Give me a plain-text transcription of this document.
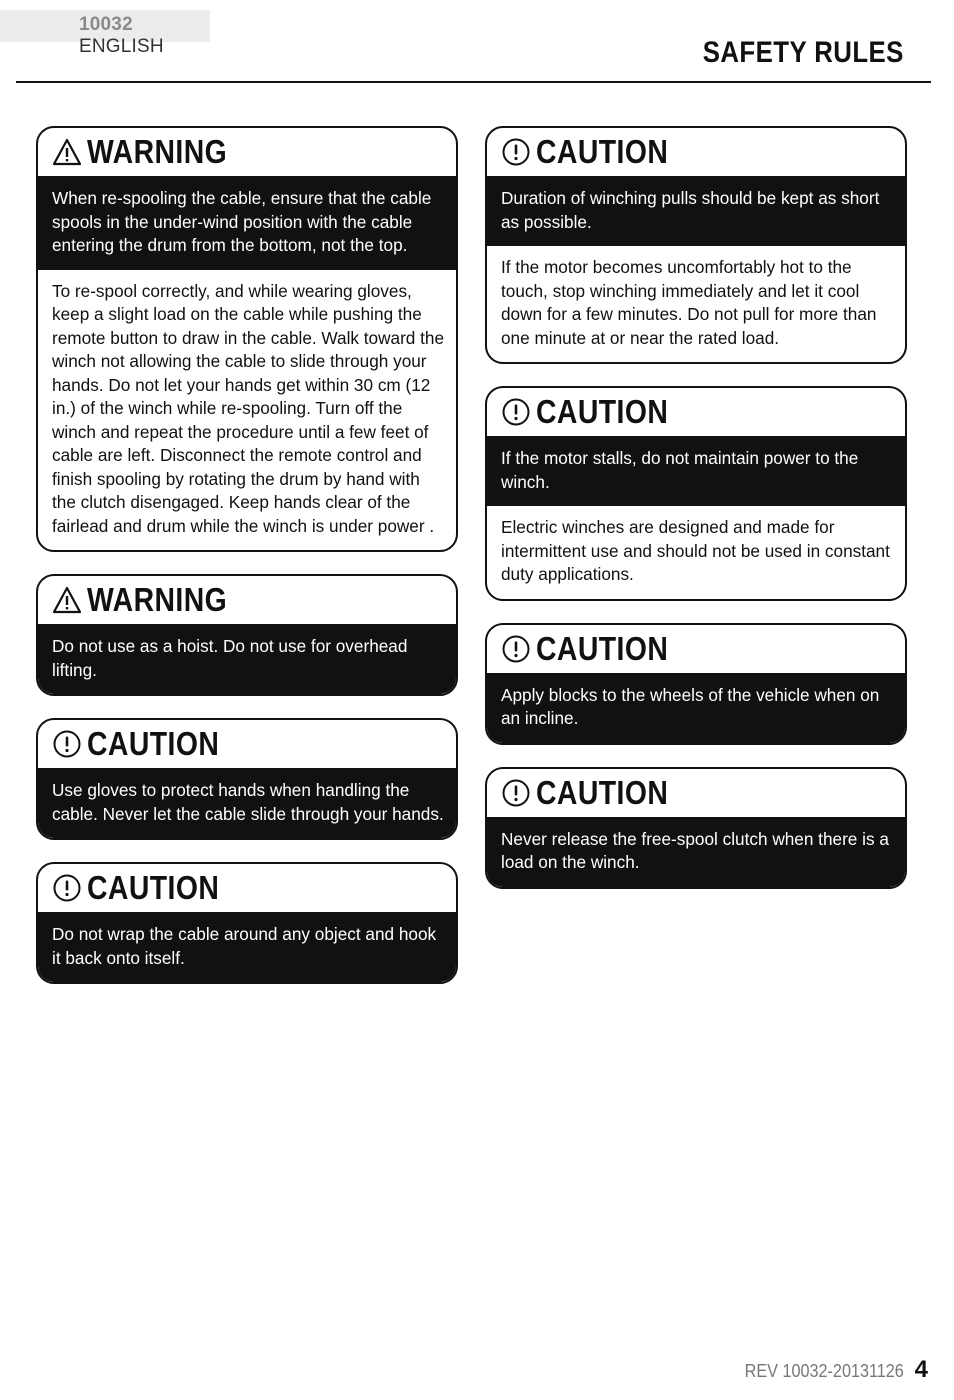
10032 ENGLISH	SAFETY RULES
WARNING
When re-spooling the cable, ensure that the cable spools in the under-wind position with the cable entering the drum from the bottom, not the top.
To re-spool correctly, and while wearing gloves, keep a slight load on the cable while pushing the remote button to draw in the cable. Walk toward the winch not allowing the cable to slide through your hands. Do not let your hands get within 30 cm (12 in.) of the winch while re-spooling. Turn off the winch and repeat the procedure until a few feet of cable are left. Disconnect the remote control and finish spooling by rotating the drum by hand with the clutch disengaged. Keep hands clear of the fairlead and drum while the winch is under power .
WARNING
Do not use as a hoist. Do not use for overhead lifting.
CAUTION
Use gloves to protect hands when handling the cable. Never let the cable slide through your hands.
CAUTION
Do not wrap the cable around any object and hook it back onto itself.
CAUTION
Duration of winching pulls should be kept as short as possible.
If the motor becomes uncomfortably hot to the touch, stop winching immediately and let it cool down for a few minutes. Do not pull for more than one minute at or near the rated load.
CAUTION
If the motor stalls, do not maintain power to the winch.
Electric winches are designed and made for intermittent use and should not be used in constant duty applications.
CAUTION
Apply blocks to the wheels of the vehicle when on an incline.
CAUTION
Never release the free-spool clutch when there is a load on the winch.
REV 10032-20131126 4
